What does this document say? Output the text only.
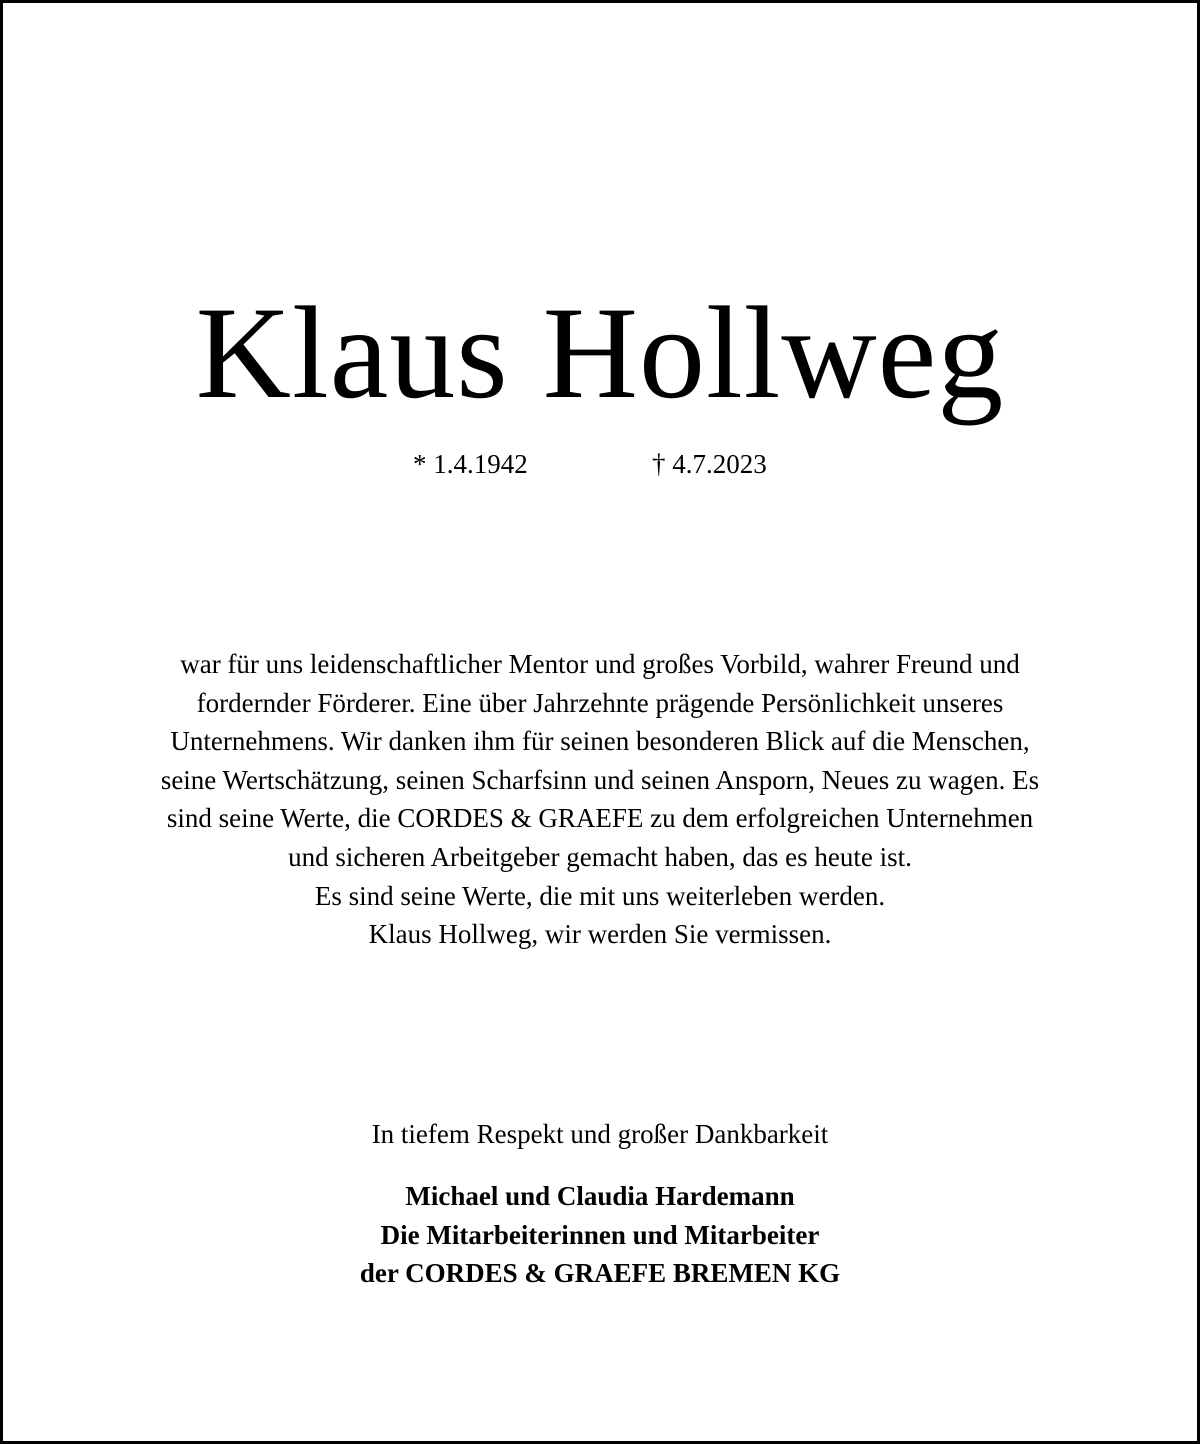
Klaus Hollweg
* 1.4.1942	† 4.7.2023
war für uns leidenschaftlicher Mentor und großes Vorbild, wahrer Freund und
fordernder Förderer. Eine über Jahrzehnte prägende Persönlichkeit unseres
Unternehmens. Wir danken ihm für seinen besonderen Blick auf die Menschen,
seine Wertschätzung, seinen Scharfsinn und seinen Ansporn, Neues zu wagen. Es
sind seine Werte, die CORDES & GRAEFE zu dem erfolgreichen Unternehmen
und sicheren Arbeitgeber gemacht haben, das es heute ist.
Es sind seine Werte, die mit uns weiterleben werden.
Klaus Hollweg, wir werden Sie vermissen.
In tiefem Respekt und großer Dankbarkeit
Michael und Claudia Hardemann
Die Mitarbeiterinnen und Mitarbeiter
der CORDES & GRAEFE BREMEN KG
